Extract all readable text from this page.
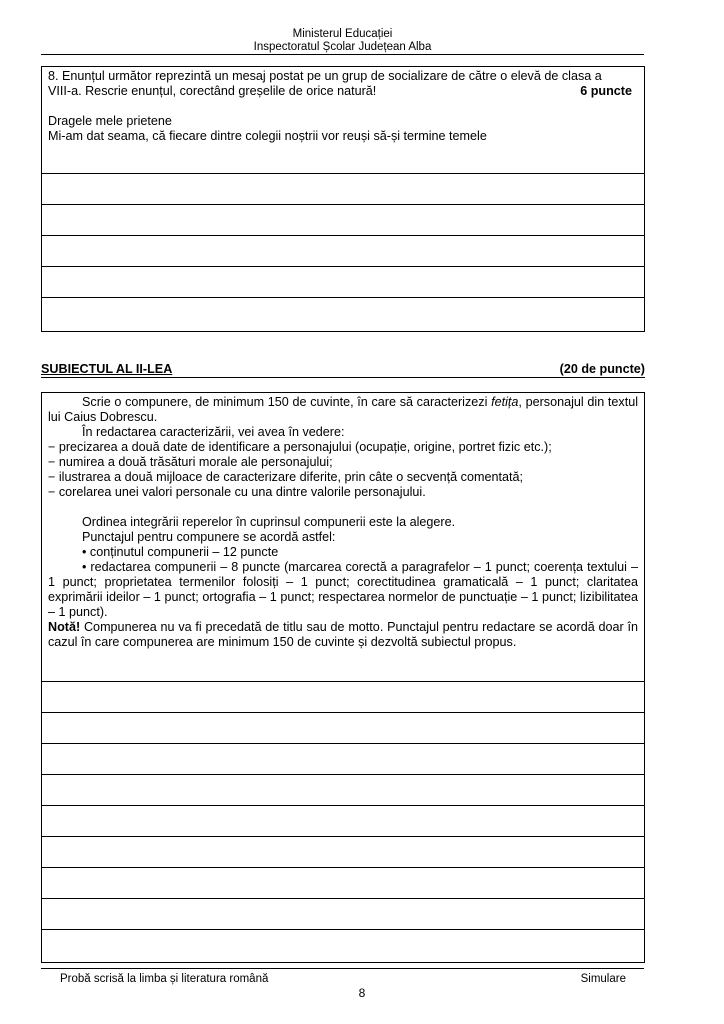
Ministerul Educației
Inspectoratul Școlar Județean Alba
8. Enunțul următor reprezintă un mesaj postat pe un grup de socializare de către o elevă de clasa a
VIII-a. Rescrie enunțul, corectând greșelile de orice natură!	6 puncte
Dragele mele prietene
Mi-am dat seama, că fiecare dintre colegii noștrii vor reuși să-și termine temele
SUBIECTUL AL II-LEA	(20 de puncte)
Scrie o compunere, de minimum 150 de cuvinte, în care să caracterizezi fetița, personajul din textul lui Caius Dobrescu.
În redactarea caracterizării, vei avea în vedere:
− precizarea a două date de identificare a personajului (ocupație, origine, portret fizic etc.);
− numirea a două trăsături morale ale personajului;
− ilustrarea a două mijloace de caracterizare diferite, prin câte o secvență comentată;
− corelarea unei valori personale cu una dintre valorile personajului.
Ordinea integrării reperelor în cuprinsul compunerii este la alegere.
Punctajul pentru compunere se acordă astfel:
• conținutul compunerii – 12 puncte
• redactarea compunerii – 8 puncte (marcarea corectă a paragrafelor – 1 punct; coerența textului – 1 punct; proprietatea termenilor folosiți – 1 punct; corectitudinea gramaticală – 1 punct; claritatea exprimării ideilor – 1 punct; ortografia – 1 punct; respectarea normelor de punctuație – 1 punct; lizibilitatea – 1 punct).
Notă! Compunerea nu va fi precedată de titlu sau de motto. Punctajul pentru redactare se acordă doar în cazul în care compunerea are minimum 150 de cuvinte și dezvoltă subiectul propus.
Probă scrisă la limba și literatura română	Simulare
8
